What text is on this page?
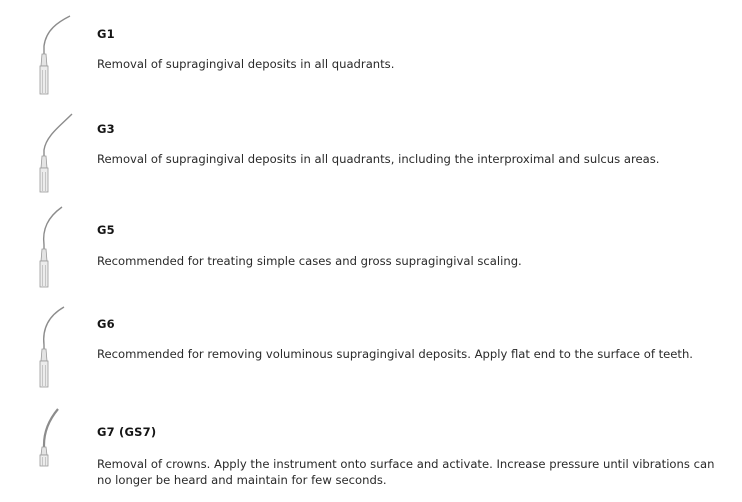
G1
Removal of supragingival deposits in all quadrants.
G3
Removal of supragingival deposits in all quadrants, including the interproximal and sulcus areas.
G5
Recommended for treating simple cases and gross supragingival scaling.
G6
Recommended for removing voluminous supragingival deposits. Apply flat end to the surface of teeth.
G7 (GS7)
Removal of crowns. Apply the instrument onto surface and activate. Increase pressure until vibrations can no longer be heard and maintain for few seconds.
